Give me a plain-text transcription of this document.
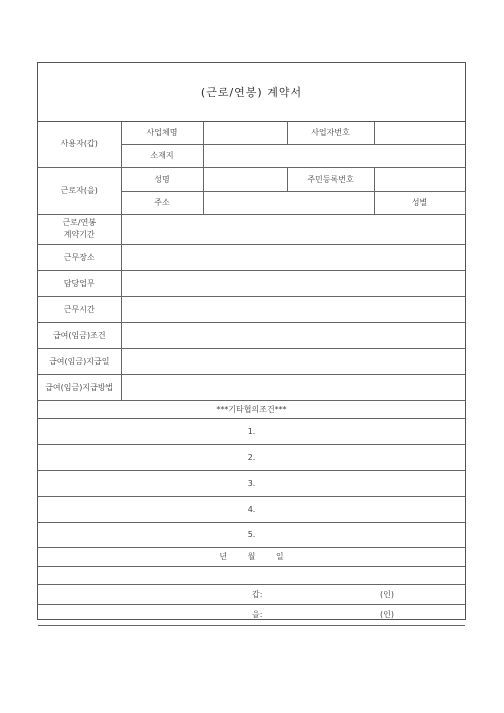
(근로/연봉) 계약서
사용자(갑)	사업체명		사업자번호		
	소재지				
근로자(을)	성명		주민등록번호		
	주소			성별	

근로/연봉
계약기간					

근무장소					
담당업무					
근무시간					
급여(임금)조건					
급여(임금)지급일					
급여(임금)지급방법					
***기타협의조건***					
1.					
2.					
3.					
4.					
5.					
년 월 일					

갑: (인)					
을: (인)					
